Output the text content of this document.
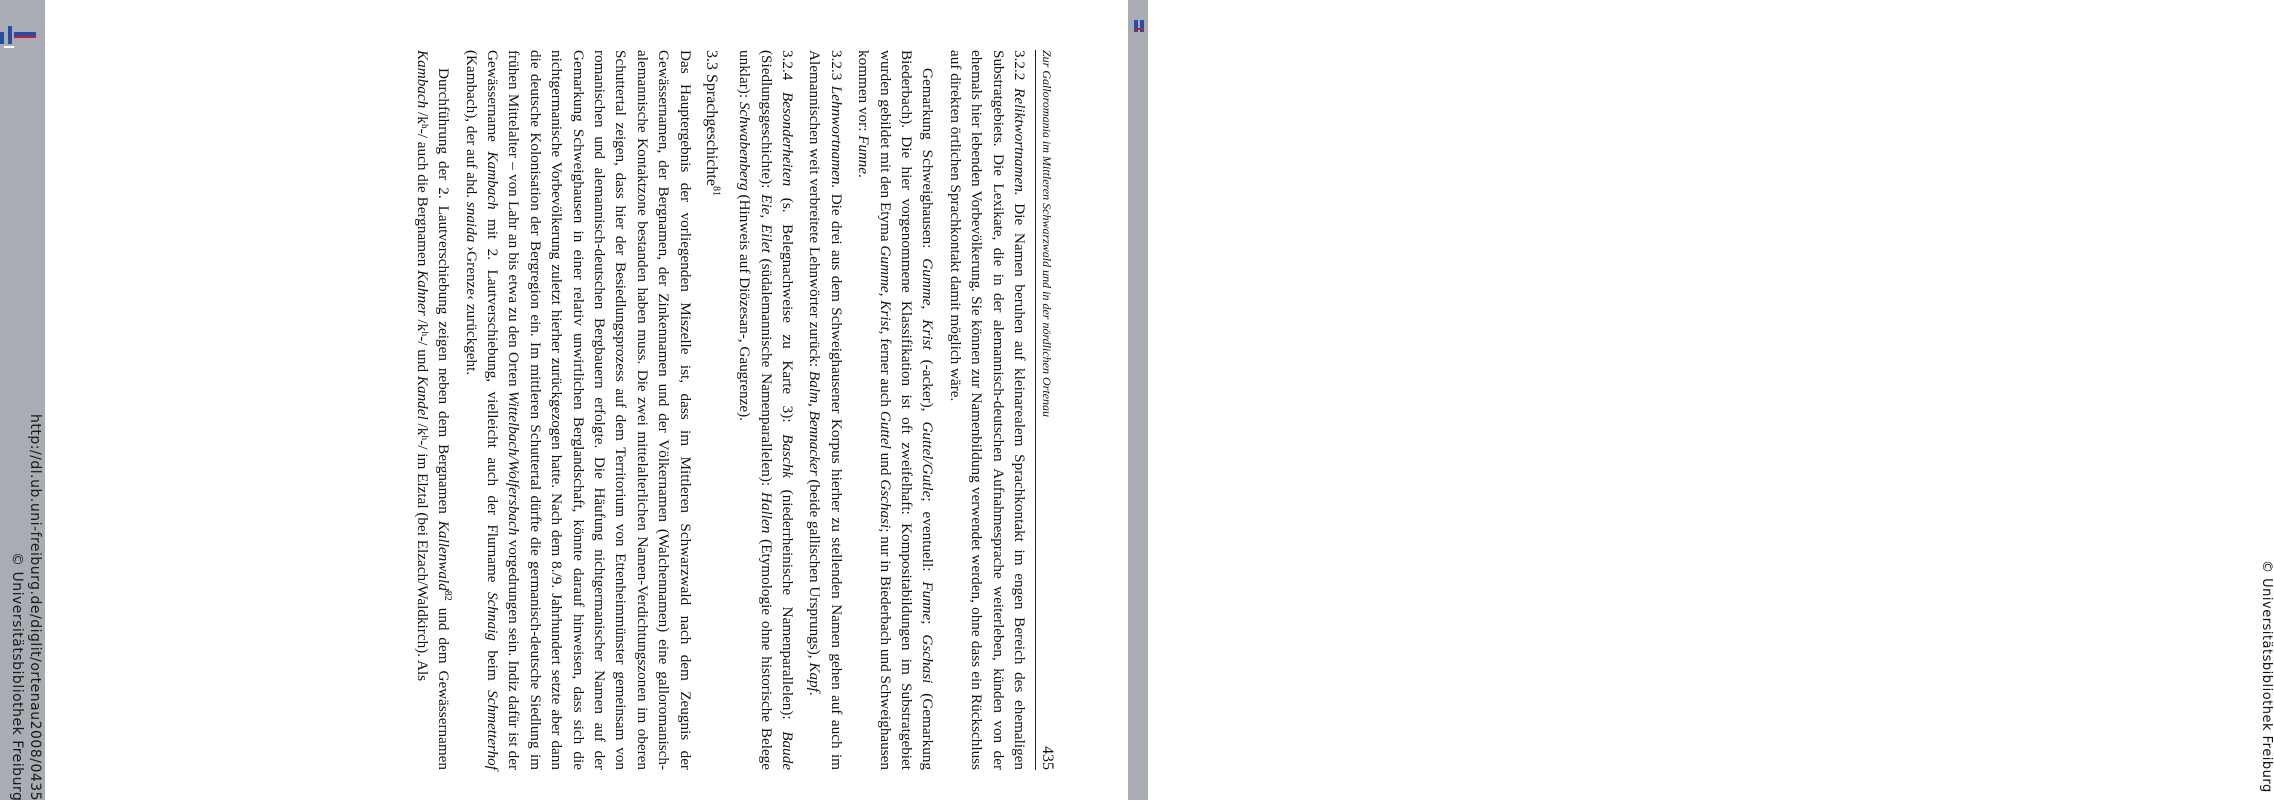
http://dl.ub.uni-freiburg.de/diglit/ortenau2008/0435
© Universitätsbibliothek Freiburg	© Universitätsbibliothek Freiburg
Zur Galloromania im Mittleren Schwarzwald und in der nördlichen Ortenau
435

3.2.2 Reliktwortnamen. Die Namen beruhen auf kleinarealem Sprachkontakt im engen Bereich des ehemaligen Substratgebiets. Die Lexikate, die in der alemannisch-deutschen Aufnahmesprache weiterleben, künden von der ehemals hier lebenden Vorbevölkerung. Sie können zur Namenbildung verwendet werden, ohne dass ein Rückschluss auf direkten örtlichen Sprachkontakt damit möglich wäre.

Gemarkung Schweighausen: Gumme, Krist (-acker), Guttel/Gutle; eventuell: Funne; Gschasi (Gemarkung Biederbach). Die hier vorgenommene Klassifikation ist oft zweifelhaft: Kompositabildungen im Substratgebiet wurden gebildet mit den Etyma Gumme, Krist, ferner auch Guttel und Gschasi; nur in Biederbach und Schweighausen kommen vor: Funne.

3.2.3 Lehnwortnamen. Die drei aus dem Schweighausener Korpus hierher zu stellenden Namen gehen auf auch im Alemannischen weit verbreitete Lehnwörter zurück: Balm, Bennacker (beide gallischen Ursprungs), Kapf.

3.2.4 Besonderheiten (s. Belegnachweise zu Karte 3): Baschk (niederrheinische Namenparallelen): Baude (Siedlungsgeschichte): Eie, Eilet (südalemannische Namenparallelen): Hallen (Etymologie ohne historische Belege unklar): Schwabenberg (Hinweis auf Diözesan-, Gaugrenze).

3.3 Sprachgeschichte$^{81}$

Das Hauptergebnis der vorliegenden Miszelle ist, dass im Mittleren Schwarzwald nach dem Zeugnis der Gewässernamen, der Bergnamen, der Zinkennamen und der Völkernamen (Walchennamen) eine galloromanisch-alemannische Kontaktzone bestanden haben muss. Die zwei mittelalterlichen Namen-Verdichtungszonen im oberen Schuttertal zeigen, dass hier der Besiedlungsprozess auf dem Territorium von Ettenheimmünster gemeinsam von romanischen und alemannisch-deutschen Bergbauern erfolgte. Die Häufung nichtgermanischer Namen auf der Gemarkung Schweighausen in einer relativ unwirtlichen Berglandschaft, könnte darauf hinweisen, dass sich die nichtgermanische Vorbevölkerung zuletzt hierher zurückgezogen hatte. Nach dem 8./9. Jahrhundert setzte aber dann die deutsche Kolonisation der Bergregion ein. Im mittleren Schuttertal dürfte die germanisch-deutsche Siedlung im frühen Mittelalter – von Lahr an bis etwa zu den Orten Wittelbach/Wolfersbach vorgedrungen sein. Indiz dafür ist der Gewässername Kambach mit 2. Lautverschiebung, vielleicht auch der Flurname Schnaig beim Schmetterhof (Kambach), der auf ahd. snaida ›Grenze‹ zurückgeht.

Durchführung der 2. Lautverschiebung zeigen neben dem Bergnamen Kallenwald$^{82}$ und dem Gewässernamen Kambach /kʰ-/ auch die Bergnamen Kahner /kʰ-/ und Kandel /kʰ-/ im Elztal (bei Elzach/Waldkirch). Als
